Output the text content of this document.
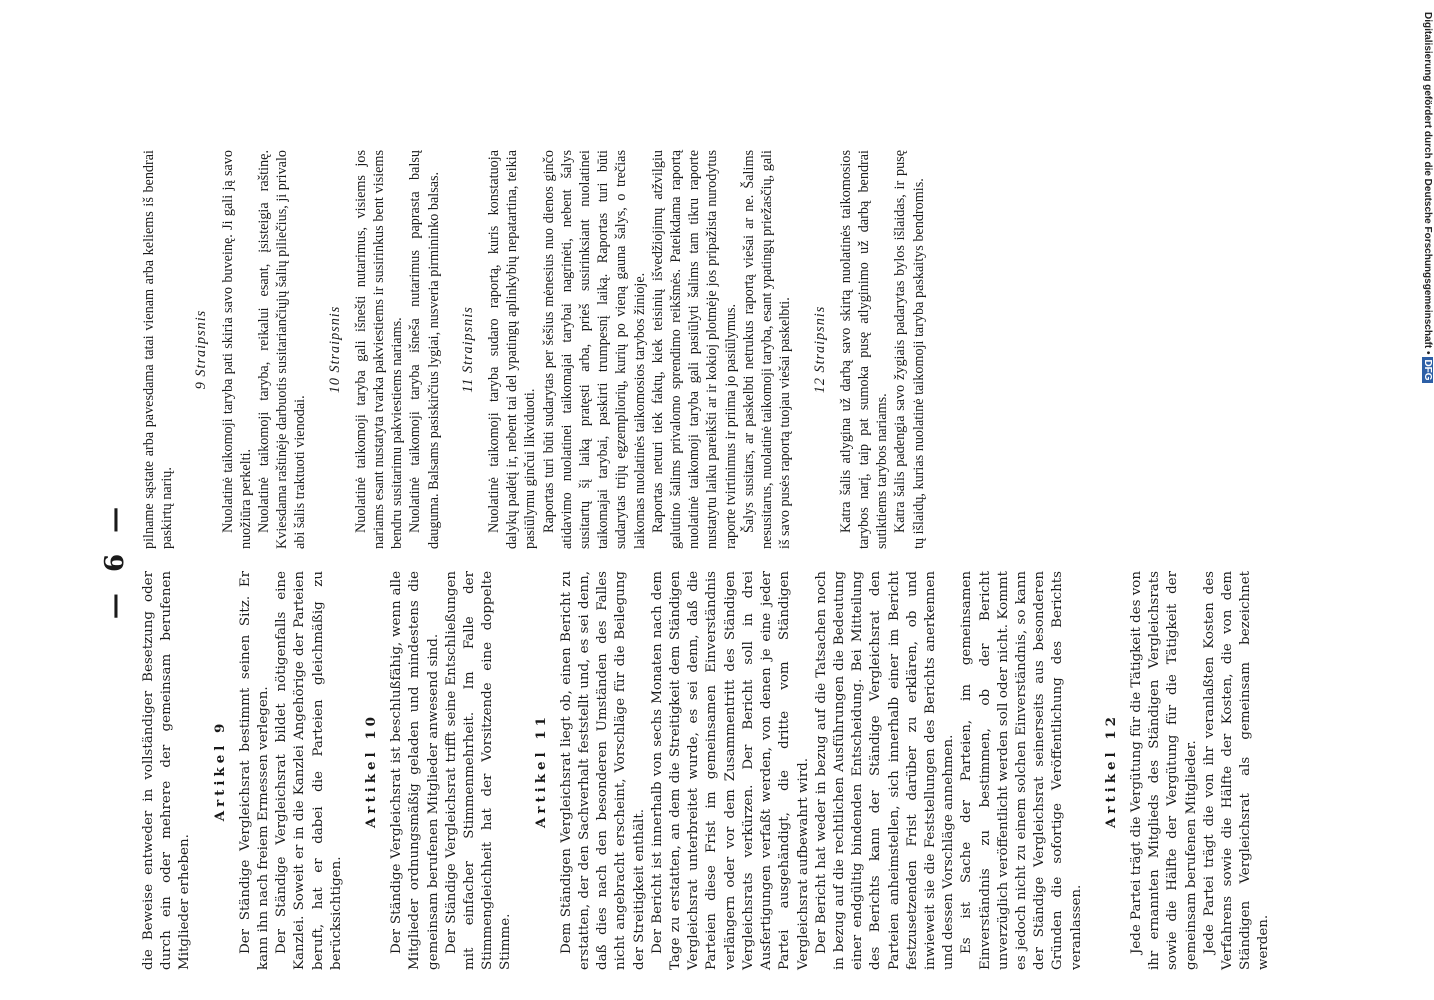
— 6 —

die Beweise entweder in vollständiger Besetzung oder durch ein oder mehrere der gemeinsam berufenen Mitglieder erheben.

Artikel 9 Der Ständige Vergleichsrat bestimmt seinen Sitz. Er kann ihn nach freiem Ermessen verlegen. Der Ständige Vergleichsrat bildet nötigenfalls eine Kanzlei. Soweit er in die Kanzlei Angehörige der Parteien beruft, hat er dabei die Parteien gleichmäßig zu berücksichtigen.

Artikel 10 Der Ständige Vergleichsrat ist beschlußfähig, wenn alle Mitglieder ordnungsmäßig geladen und mindestens die gemeinsam berufenen Mitglieder anwesend sind. Der Ständige Vergleichsrat trifft seine Entschließungen mit einfacher Stimmenmehrheit. Im Falle der Stimmengleichheit hat der Vorsitzende eine doppelte Stimme.

Artikel 11 Dem Ständigen Vergleichsrat liegt ob, einen Bericht zu erstatten, der den Sachverhalt feststellt und, es sei denn, daß dies nach den besonderen Umständen des Falles nicht angebracht erscheint, Vorschläge für die Beilegung der Streitigkeit enthält. Der Bericht ist innerhalb von sechs Monaten nach dem Tage zu erstatten, an dem die Streitigkeit dem Ständigen Vergleichsrat unterbreitet wurde, es sei denn, daß die Parteien diese Frist im gemeinsamen Einverständnis verlängern oder vor dem Zusammentritt des Ständigen Vergleichsrats verkürzen. Der Bericht soll in drei Ausfertigungen verfaßt werden, von denen je eine jeder Partei ausgehändigt, die dritte vom Ständigen Vergleichsrat aufbewahrt wird. Der Bericht hat weder in bezug auf die Tatsachen noch in bezug auf die rechtlichen Ausführungen die Bedeutung einer endgültig bindenden Entscheidung. Bei Mitteilung des Berichts kann der Ständige Vergleichsrat den Parteien anheimstellen, sich innerhalb einer im Bericht festzusetzenden Frist darüber zu erklären, ob und inwieweit sie die Feststellungen des Berichts anerkennen und dessen Vorschläge annehmen. Es ist Sache der Parteien, im gemeinsamen Einverständnis zu bestimmen, ob der Bericht unverzüglich veröffentlicht werden soll oder nicht. Kommt es jedoch nicht zu einem solchen Einverständnis, so kann der Ständige Vergleichsrat seinerseits aus besonderen Gründen die sofortige Veröffentlichung des Berichts veranlassen.

Artikel 12 Jede Partei trägt die Vergütung für die Tätigkeit des von ihr ernannten Mitglieds des Ständigen Vergleichsrats sowie die Hälfte der Vergütung für die Tätigkeit der gemeinsam berufenen Mitglieder. Jede Partei trägt die von ihr veranlaßten Kosten des Verfahrens sowie die Hälfte der Kosten, die von dem Ständigen Vergleichsrat als gemeinsam bezeichnet werden.

pilname sąstate arba pavesdama tatai vienam arba keliems iš bendrai paskirtų narių.

9 Straipsnis Nuolatinė taikomoji taryba pati skiria savo buveinę. Ji gali ją savo nuožiūra perkelti. Nuolatinė taikomoji taryba, reikalui esant, įsisteigia raštinę. Kviesdama raštinėje darbuotis susitariančiųjų šalių piliečius, ji privalo abi šalis traktuoti vienodai.

10 Straipsnis Nuolatinė taikomoji taryba gali išnešti nutarimus, visiems jos nariams esant nustatyta tvarka pakviestiems ir susirinkus bent visiems bendru susitarimu pakviestiems nariams. Nuolatinė taikomoji taryba išneša nutarimus paprasta balsų dauguma. Balsams pasiskirčius lygiai, nusveria pirmininko balsas. 11 Straipsnis Nuolatinė taikomoji taryba sudaro raportą, kuris konstatuoja dalykų padėtį ir, nebent tai del ypatingų aplinkybių nepatartina, teikia pasiūlymu ginčui likviduoti. Raportas turi būti sudarytas per šešius mėnesius nuo dienos ginčo atidavimo nuolatinei taikomajai tarybai nagrinėti, nebent šalys susitartų šį laiką pratęsti arba, prieš susirinksiant nuolatinei taikomajai tarybai, paskirti trumpesnį laiką. Raportas turi būti sudarytas trijų egzempliorių, kurių po vieną gauna šalys, o trečias laikomas nuolatinės taikomosios tarybos žinioje. Raportas neturi tiek faktų, kiek teisinių išvedžiojimų atžvilgiu galutino šalims privalomo sprendimo reikšmės. Pateikdama raportą nuolatinė taikomoji taryba gali pasiūlyti šalims tam tikru raporte nustatytu laiku pareikšti ar ir kokioj plotmėje jos pripažista nurodytus raporte tvirtinimus ir priima jo pasiūlymus. Šalys susitars, ar paskelbti netrukus raportą viešai ar ne. Šalims nesusitarus, nuolatinė taikomoji taryba, esant ypatingų priežasčių, gali iš savo pusės raportą tuojau viešai paskelbti. 12 Straipsnis Katra šalis atlygina už darbą savo skirtą nuolatinės taikomosios tarybos narį, taip pat sumoka pusę atlyginimo už darbą bendrai sutiktiems tarybos nariams. Katra šalis padengia savo žygiais padarytas bylos išlaidas, ir pusę tų išlaidų, kurias nuolatinė taikomoji taryba paskaitys bendromis.	Digitalisierung gefördert durch die Deutsche Forschungsgemeinschaft •DFG
